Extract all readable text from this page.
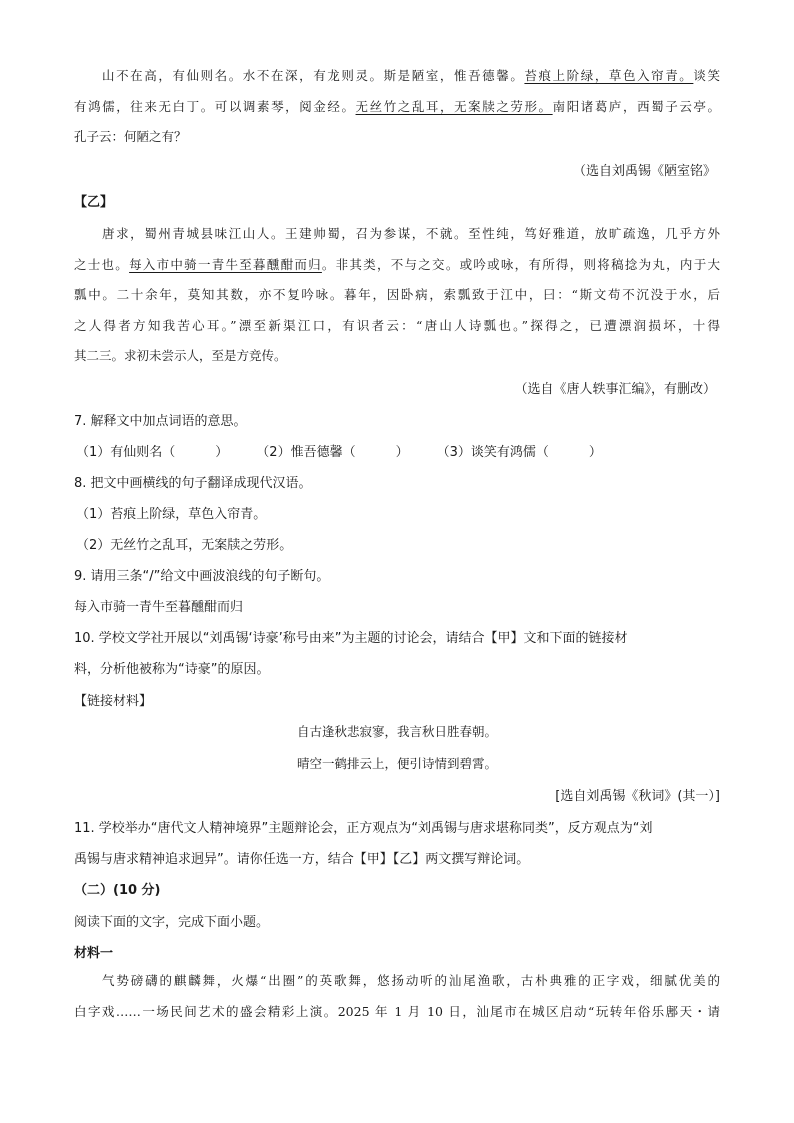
山不在高，有仙则名。水不在深，有龙则灵。斯是陋室，惟吾德馨。苔痕上阶绿，草色入帘青。谈笑
有鸿儒，往来无白丁。可以调素琴，阅金经。无丝竹之乱耳，无案牍之劳形。南阳诸葛庐，西蜀子云亭。
孔子云：何陋之有？
（选自刘禹锡《陋室铭》
【乙】
唐求，蜀州青城县味江山人。王建帅蜀，召为参谋，不就。至性纯，笃好雅道，放旷疏逸，几乎方外
之士也。每入市中骑一青牛至暮醺酣而归。非其类，不与之交。或吟或咏，有所得，则将稿捻为丸，内于大
瓢中。二十余年，莫知其数，亦不复吟咏。暮年，因卧病，索瓢致于江中，曰：“斯文苟不沉没于水，后
之人得者方知我苦心耳。”漂至新渠江口，有识者云：“唐山人诗瓢也。”探得之，已遭漂润损坏，十得
其二三。求初未尝示人，至是方竞传。
（选自《唐人轶事汇编》，有删改）
7. 解释文中加点词语的意思。
（1）有仙则名（	） （2）惟吾德馨（	） （3）谈笑有鸿儒（	）
8. 把文中画横线的句子翻译成现代汉语。
（1）苔痕上阶绿，草色入帘青。
（2）无丝竹之乱耳，无案牍之劳形。
9. 请用三条“/”给文中画波浪线的句子断句。
每入市骑一青牛至暮醺酣而归
10. 学校文学社开展以“刘禹锡‘诗豪’称号由来”为主题的讨论会，请结合【甲】文和下面的链接材
料，分析他被称为“诗豪”的原因。
【链接材料】
自古逢秋悲寂寥，我言秋日胜春朝。
晴空一鹤排云上，便引诗情到碧霄。
[选自刘禹锡《秋词》(其一）]
11. 学校举办“唐代文人精神境界”主题辩论会，正方观点为“刘禹锡与唐求堪称同类”，反方观点为“刘
禹锡与唐求精神追求迥异”。请你任选一方，结合【甲】【乙】两文撰写辩论词。
（二）(10 分)
阅读下面的文字，完成下面小题。
材料一
气势磅礴的麒麟舞，火爆“出圈”的英歌舞，悠扬动听的汕尾渔歌，古朴典雅的正字戏，细腻优美的
白字戏……一场民间艺术的盛会精彩上演。2025 年 1 月 10 日，汕尾市在城区启动“玩转年俗乐鄌天・请
